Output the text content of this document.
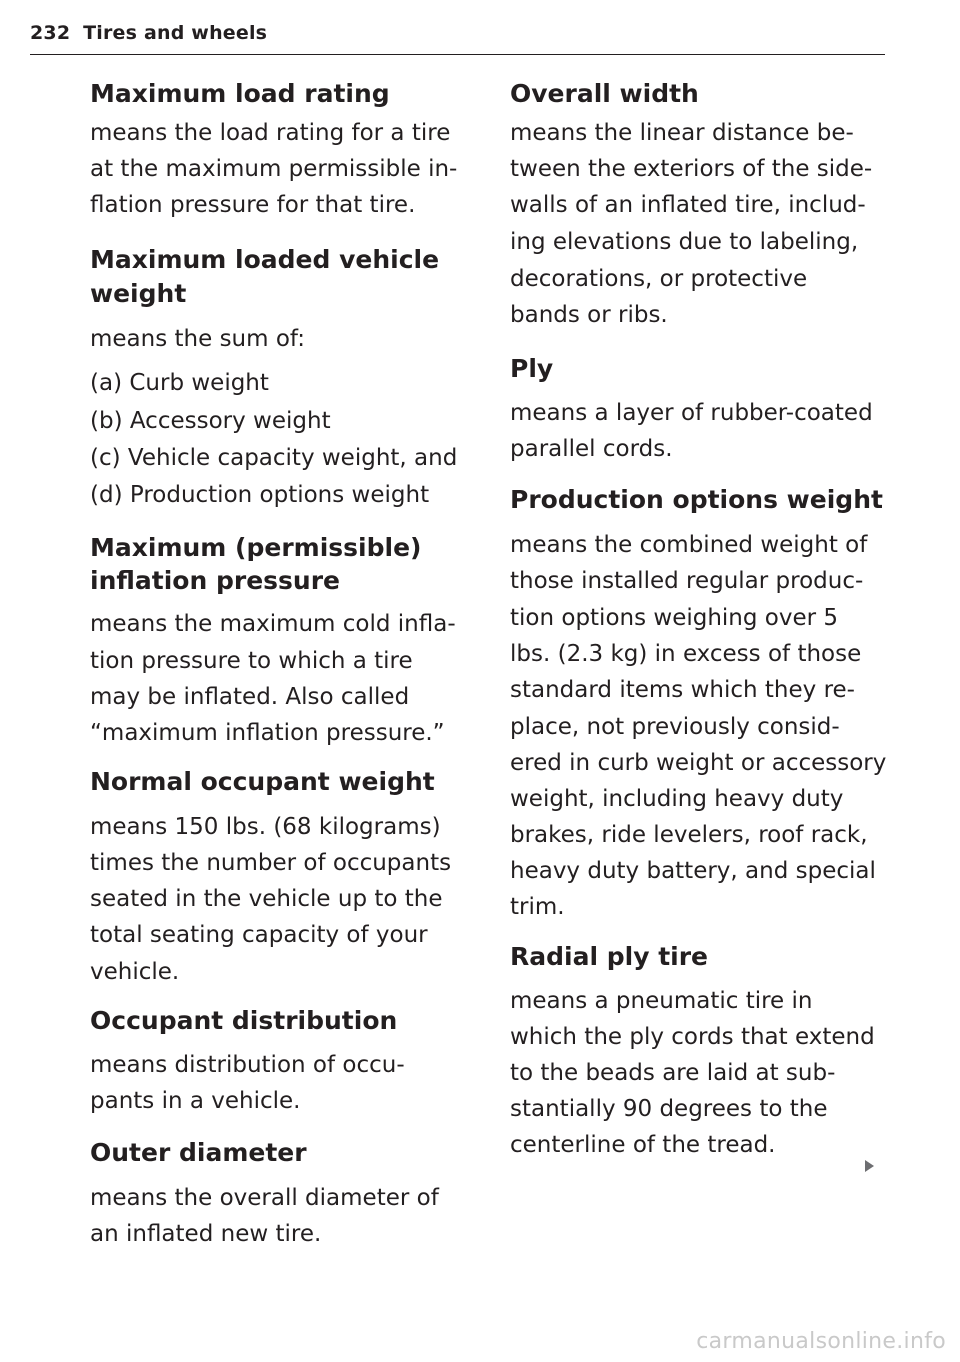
232 Tires and wheels

Maximum load rating

means the load rating for a tire

at the maximum permissible in-

flation pressure for that tire.

Maximum loaded vehicle

weight

means the sum of:

(a) Curb weight

(b) Accessory weight

(c) Vehicle capacity weight, and

(d) Production options weight

Maximum (permissible)

inflation pressure

means the maximum cold infla-

tion pressure to which a tire

may be inflated. Also called

“maximum inflation pressure.”

Normal occupant weight

means 150 lbs. (68 kilograms)

times the number of occupants

seated in the vehicle up to the

total seating capacity of your

vehicle.

Occupant distribution

means distribution of occu-

pants in a vehicle.

Outer diameter

means the overall diameter of

an inflated new tire.

Overall width

means the linear distance be-

tween the exteriors of the side-

walls of an inflated tire, includ-

ing elevations due to labeling,

decorations, or protective

bands or ribs.

Ply

means a layer of rubber-coated

parallel cords.

Production options weight

means the combined weight of

those installed regular produc-

tion options weighing over 5

lbs. (2.3 kg) in excess of those

standard items which they re-

place, not previously consid-

ered in curb weight or accessory

weight, including heavy duty

brakes, ride levelers, roof rack,

heavy duty battery, and special

trim.

Radial ply tire

means a pneumatic tire in

which the ply cords that extend

to the beads are laid at sub-

stantially 90 degrees to the

centerline of the tread.

carmanualsonline.info
